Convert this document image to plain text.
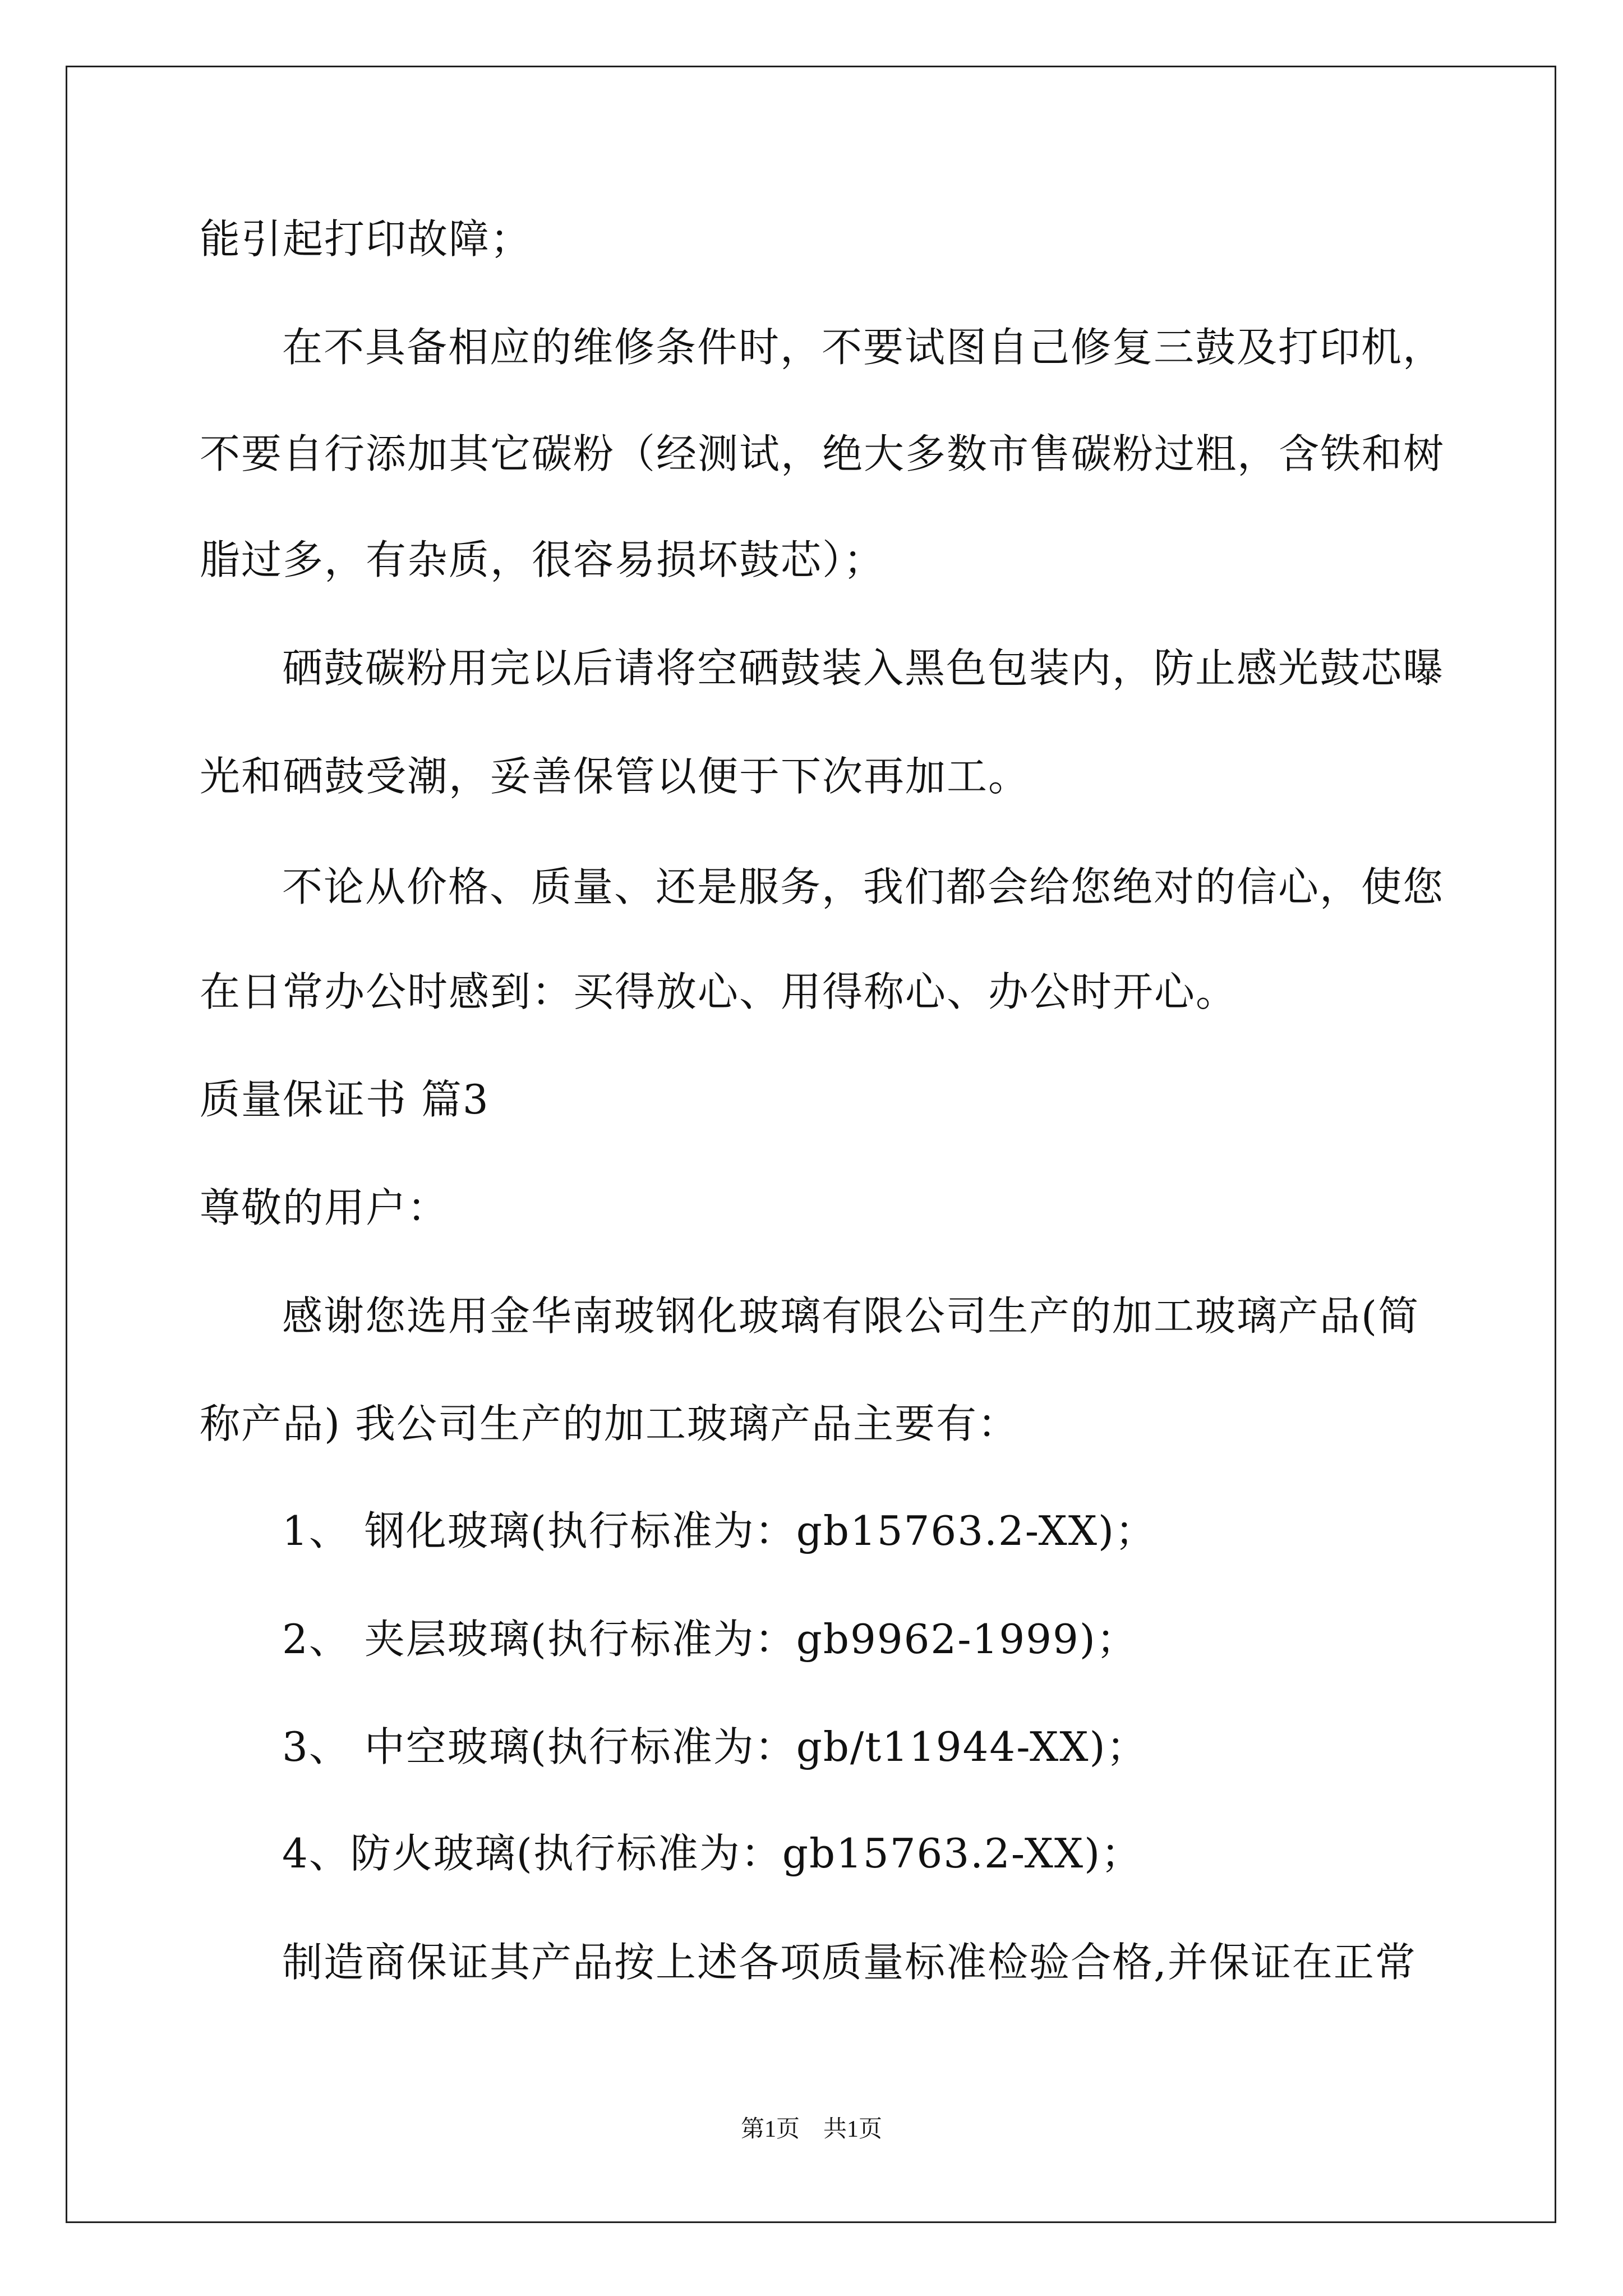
能引起打印故障；
在不具备相应的维修条件时，不要试图自己修复三鼓及打印机，
不要自行添加其它碳粉（经测试，绝大多数市售碳粉过粗，含铁和树
脂过多，有杂质，很容易损坏鼓芯）；
硒鼓碳粉用完以后请将空硒鼓装入黑色包装内，防止感光鼓芯曝
光和硒鼓受潮，妥善保管以便于下次再加工。
不论从价格、质量、还是服务，我们都会给您绝对的信心，使您
在日常办公时感到：买得放心、用得称心、办公时开心。
质量保证书 篇3
尊敬的用户：
感谢您选用金华南玻钢化玻璃有限公司生产的加工玻璃产品(简
称产品) 我公司生产的加工玻璃产品主要有：
1、 钢化玻璃(执行标准为：gb15763.2-XX)；
2、 夹层玻璃(执行标准为：gb9962-1999)；
3、 中空玻璃(执行标准为：gb/t11944-XX)；
4、防火玻璃(执行标准为：gb15763.2-XX)；
制造商保证其产品按上述各项质量标准检验合格,并保证在正常
第1页　共1页
